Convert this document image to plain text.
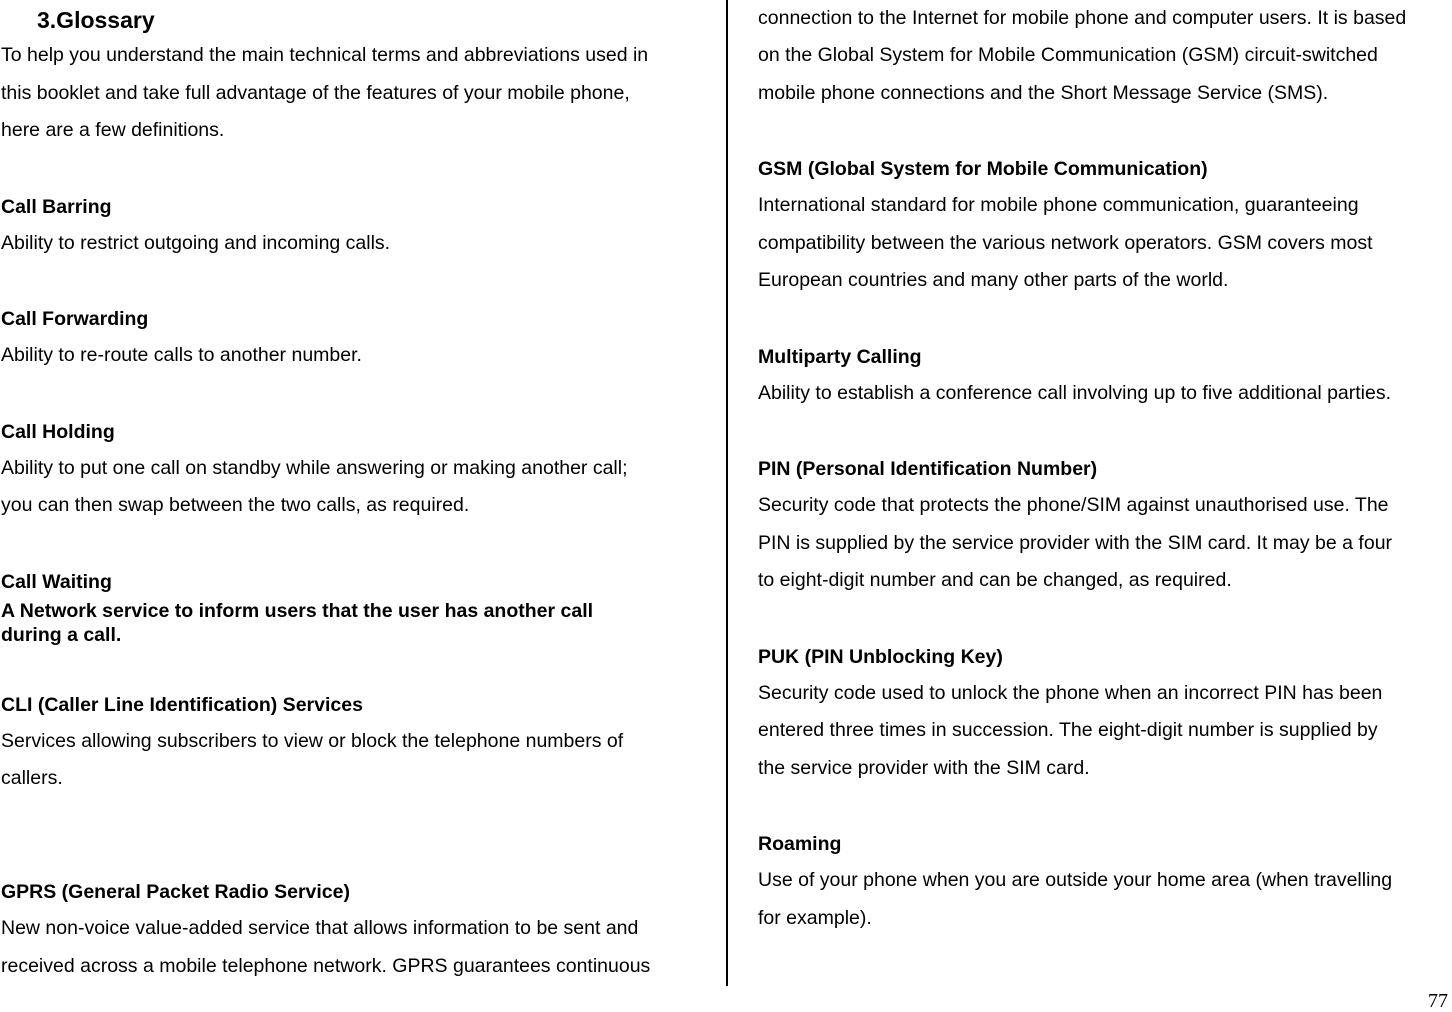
3.Glossary
To help you understand the main technical terms and abbreviations used in
this booklet and take full advantage of the features of your mobile phone,
here are a few definitions.
Call Barring
Ability to restrict outgoing and incoming calls.
Call Forwarding
Ability to re-route calls to another number.
Call Holding
Ability to put one call on standby while answering or making another call;
you can then swap between the two calls, as required.
Call Waiting
A Network service to inform users that the user has another call
during a call.
CLI (Caller Line Identification) Services
Services allowing subscribers to view or block the telephone numbers of
callers.
GPRS (General Packet Radio Service)
New non-voice value-added service that allows information to be sent and
received across a mobile telephone network. GPRS guarantees continuous
connection to the Internet for mobile phone and computer users. It is based
on the Global System for Mobile Communication (GSM) circuit-switched
mobile phone connections and the Short Message Service (SMS).
GSM (Global System for Mobile Communication)
International standard for mobile phone communication, guaranteeing
compatibility between the various network operators. GSM covers most
European countries and many other parts of the world.
Multiparty Calling
Ability to establish a conference call involving up to five additional parties.
PIN (Personal Identification Number)
Security code that protects the phone/SIM against unauthorised use. The
PIN is supplied by the service provider with the SIM card. It may be a four
to eight-digit number and can be changed, as required.
PUK (PIN Unblocking Key)
Security code used to unlock the phone when an incorrect PIN has been
entered three times in succession. The eight-digit number is supplied by
the service provider with the SIM card.
Roaming
Use of your phone when you are outside your home area (when travelling
for example).
77
